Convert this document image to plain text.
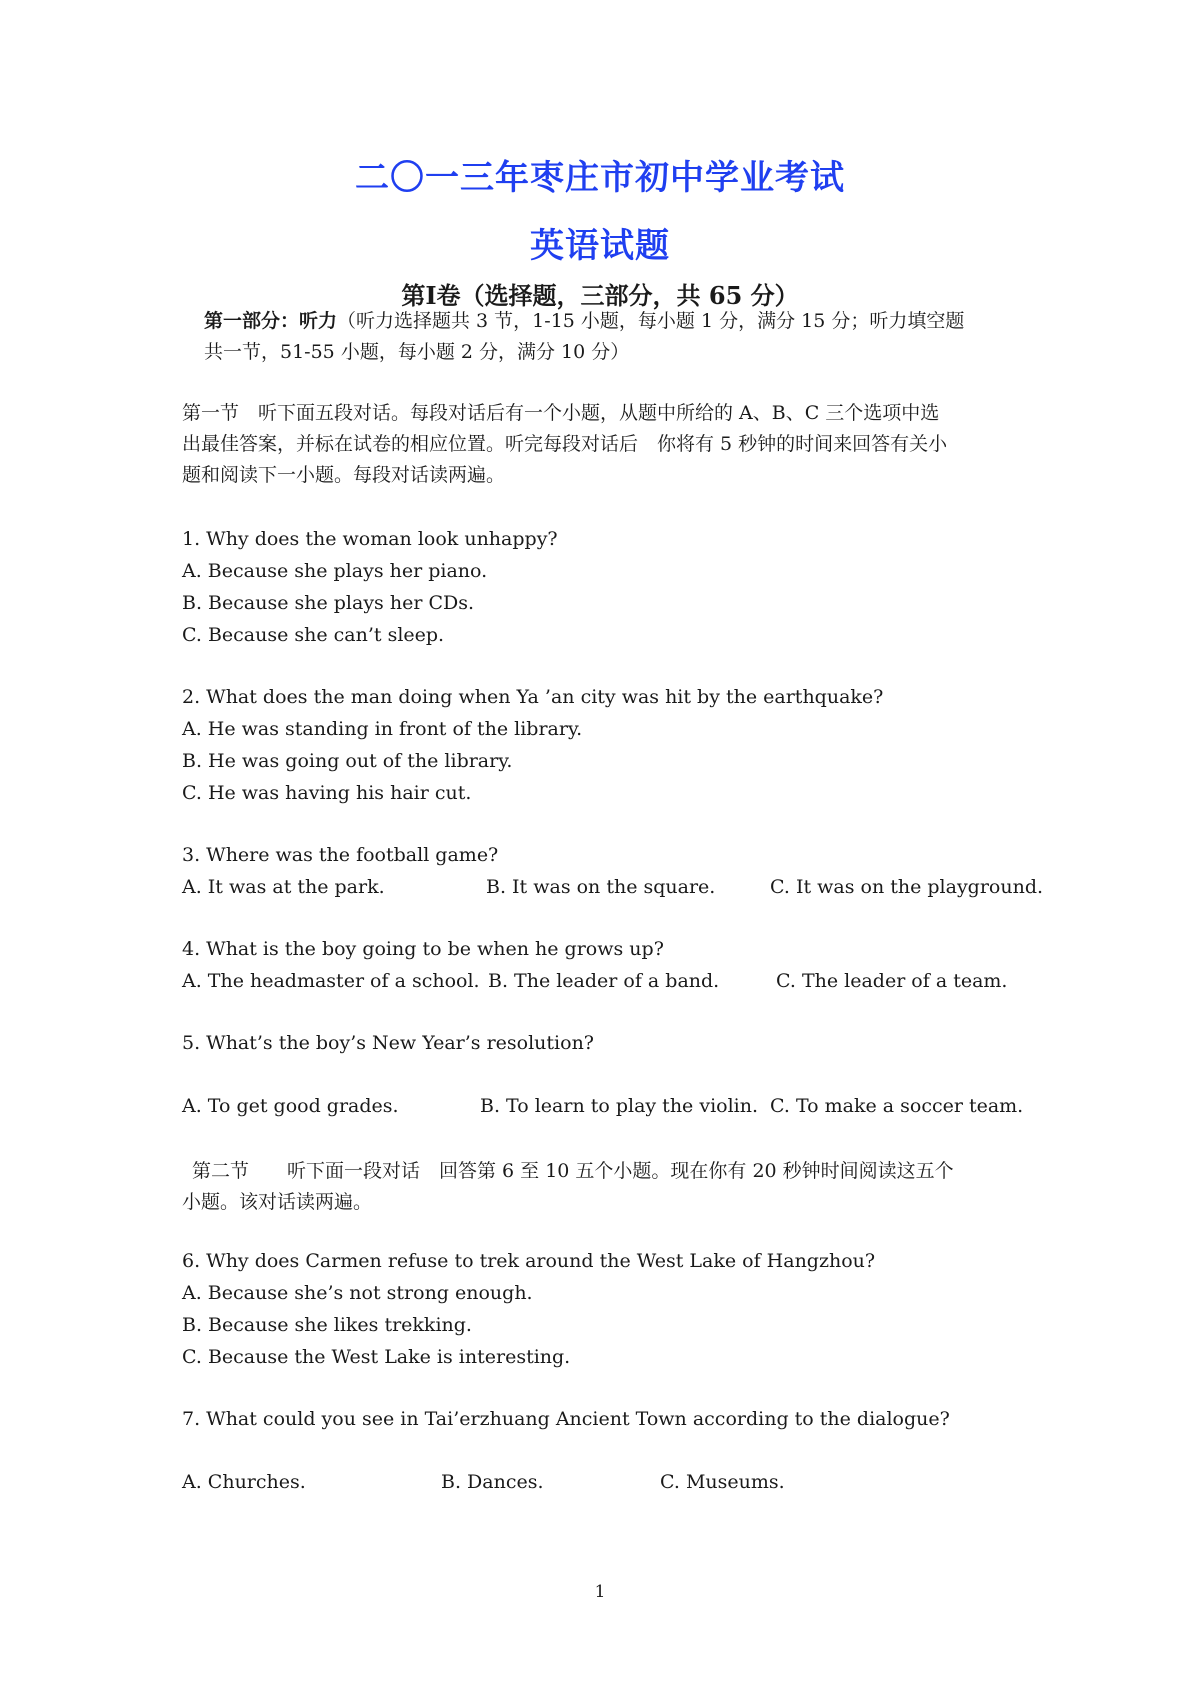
二〇一三年枣庄市初中学业考试
英语试题
第Ⅰ卷（选择题，三部分，共 65 分）
第一部分：听力（听力选择题共 3 节，1-15 小题，每小题 1 分，满分 15 分；听力填空题
共一节，51-55 小题，每小题 2 分，满分 10 分）
第一节　听下面五段对话。每段对话后有一个小题，从题中所给的 A、B、C 三个选项中选
出最佳答案，并标在试卷的相应位置。听完每段对话后　你将有 5 秒钟的时间来回答有关小
题和阅读下一小题。每段对话读两遍。
1. Why does the woman look unhappy?
A. Because she plays her piano.
B. Because she plays her CDs.
C. Because she can’t sleep.
2. What does the man doing when Ya ’an city was hit by the earthquake?
A. He was standing in front of the library.
B. He was going out of the library.
C. He was having his hair cut.
3. Where was the football game?
A. It was at the park.	B. It was on the square.	C. It was on the playground.
4. What is the boy going to be when he grows up?
A. The headmaster of a school. B. The leader of a band.	C. The leader of a team.
5. What’s the boy’s New Year’s resolution?
A. To get good grades.	B. To learn to play the violin. C. To make a soccer team.
第二节　　听下面一段对话　回答第 6 至 10 五个小题。现在你有 20 秒钟时间阅读这五个
小题。该对话读两遍。
6. Why does Carmen refuse to trek around the West Lake of Hangzhou?
A. Because she’s not strong enough.
B. Because she likes trekking.
C. Because the West Lake is interesting.
7. What could you see in Tai’erzhuang Ancient Town according to the dialogue?
A. Churches.	B. Dances.	C. Museums.
1
